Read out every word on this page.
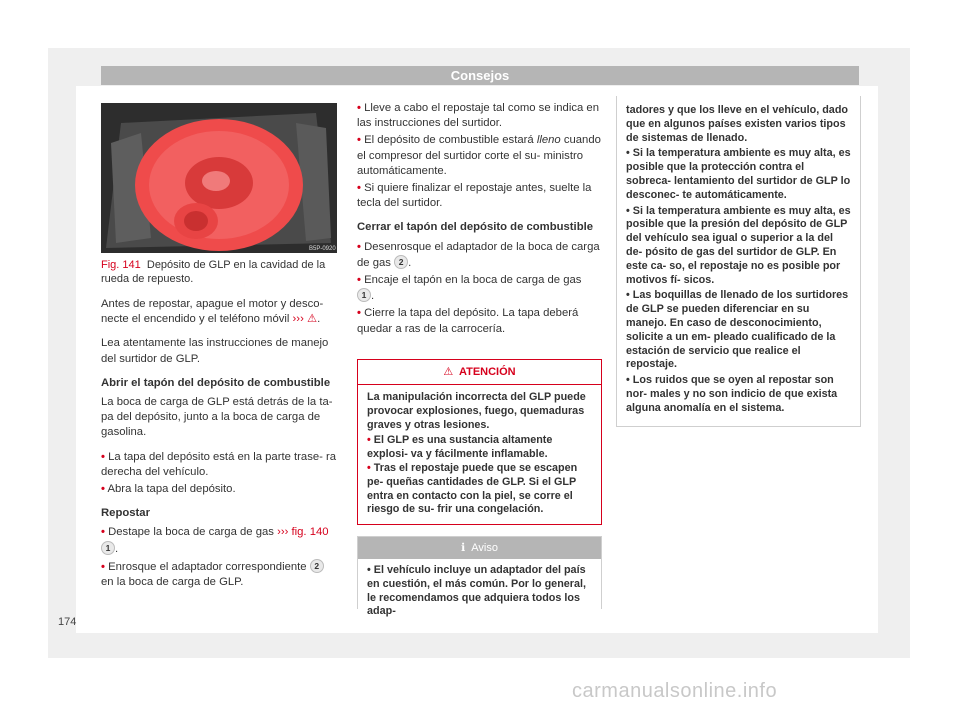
Consejos
B5P-0920
Fig. 141 Depósito de GLP en la cavidad de la rueda de repuesto.

Antes de repostar, apague el motor y desco- necte el encendido y el teléfono móvil ››› ⚠.

Lea atentamente las instrucciones de manejo del surtidor de GLP.

Abrir el tapón del depósito de combustible

La boca de carga de GLP está detrás de la ta- pa del depósito, junto a la boca de carga de gasolina.

• La tapa del depósito está en la parte trase- ra derecha del vehículo.
• Abra la tapa del depósito.
Repostar
• Destape la boca de carga de gas ››› fig. 140
1 .
• Enrosque el adaptador correspondiente 2
en la boca de carga de GLP.
• Lleve a cabo el repostaje tal como se indica en las instrucciones del surtidor.
• El depósito de combustible estará lleno cuando el compresor del surtidor corte el su- ministro automáticamente.
• Si quiere finalizar el repostaje antes, suelte la tecla del surtidor.
Cerrar el tapón del depósito de combustible
• Desenrosque el adaptador de la boca de carga de gas 2 .
• Encaje el tapón en la boca de carga de gas
1 .
• Cierre la tapa del depósito. La tapa deberá quedar a ras de la carrocería.
⚠ ATENCIÓN
La manipulación incorrecta del GLP puede provocar explosiones, fuego, quemaduras graves y otras lesiones.
• El GLP es una sustancia altamente explosi- va y fácilmente inflamable.
• Tras el repostaje puede que se escapen pe- queñas cantidades de GLP. Si el GLP entra en contacto con la piel, se corre el riesgo de su- frir una congelación.
ℹ Aviso
• El vehículo incluye un adaptador del país en cuestión, el más común. Por lo general, le recomendamos que adquiera todos los adap-
tadores y que los lleve en el vehículo, dado que en algunos países existen varios tipos de sistemas de llenado.
• Si la temperatura ambiente es muy alta, es posible que la protección contra el sobreca- lentamiento del surtidor de GLP lo desconec- te automáticamente.
• Si la temperatura ambiente es muy alta, es posible que la presión del depósito de GLP del vehículo sea igual o superior a la del de- pósito de gas del surtidor de GLP. En este ca- so, el repostaje no es posible por motivos fí- sicos.
• Las boquillas de llenado de los surtidores de GLP se pueden diferenciar en su manejo. En caso de desconocimiento, solicite a un em- pleado cualificado de la estación de servicio que realice el repostaje.
• Los ruidos que se oyen al repostar son nor- males y no son indicio de que exista alguna anomalía en el sistema.
174
carmanualsonline.info
